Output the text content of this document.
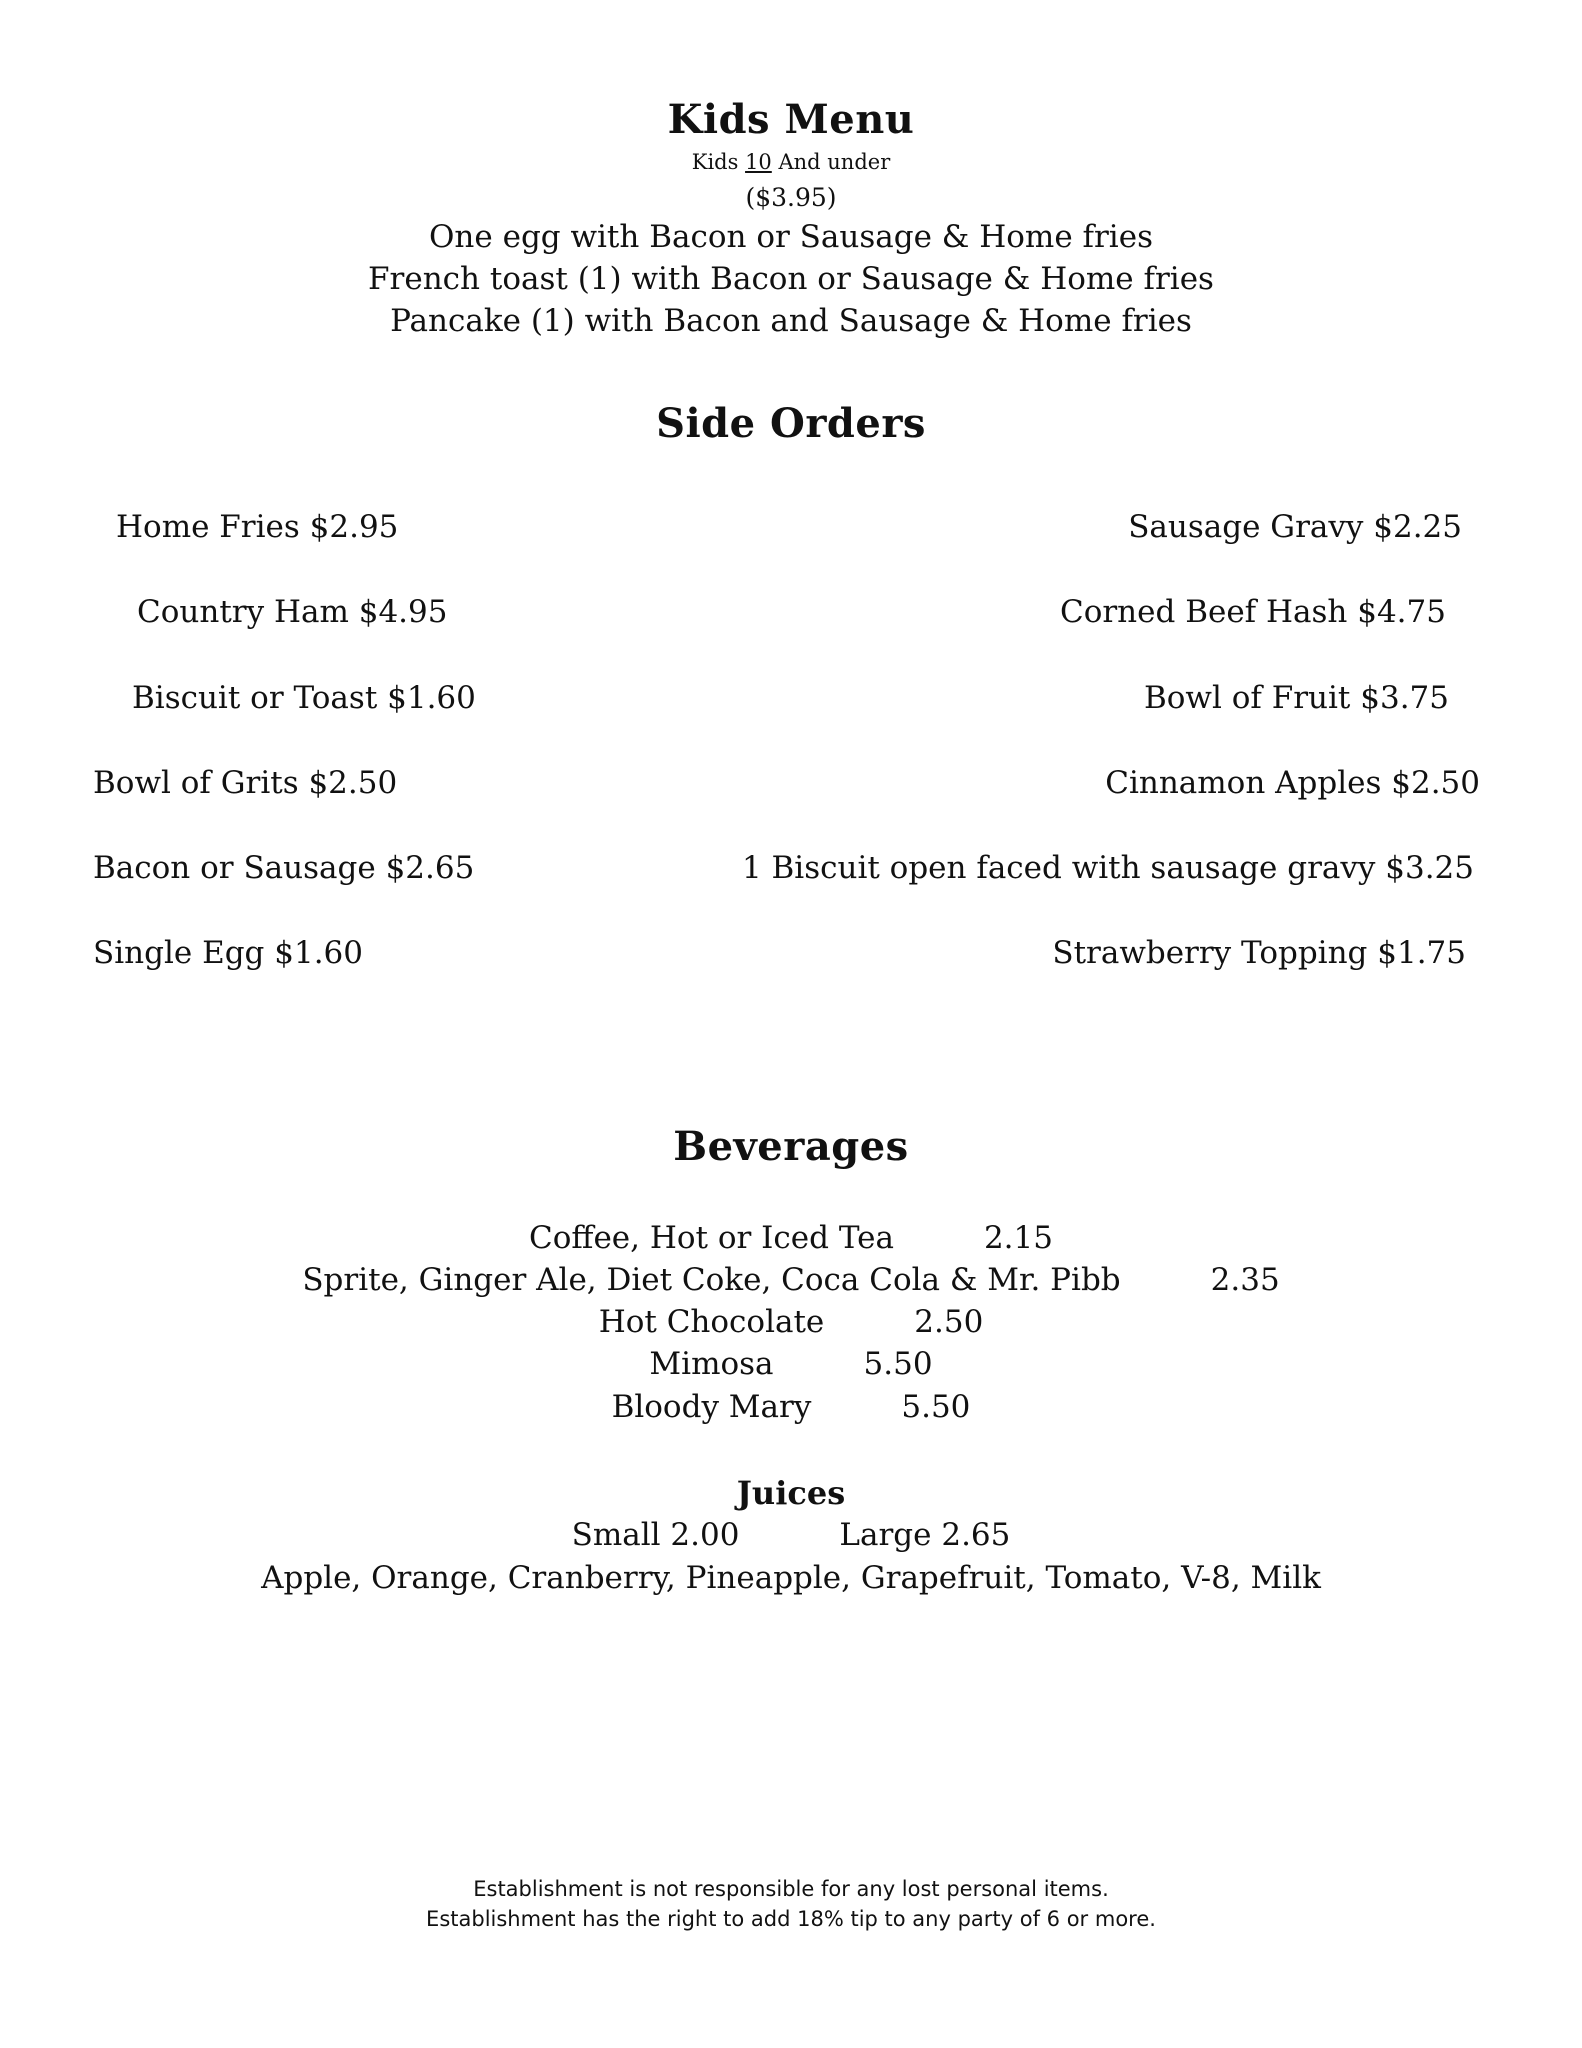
Kids Menu
Kids 10 And under
($3.95)
One egg with Bacon or Sausage & Home fries
French toast (1) with Bacon or Sausage & Home fries
Pancake (1) with Bacon and Sausage & Home fries
Side Orders
Home Fries $2.95
Country Ham $4.95
Biscuit or Toast $1.60
Bowl of Grits $2.50
Bacon or Sausage $2.65
Single Egg $1.60
Sausage Gravy $2.25
Corned Beef Hash $4.75
Bowl of Fruit $3.75
Cinnamon Apples $2.50
1 Biscuit open faced with sausage gravy $3.25
Strawberry Topping $1.75
Beverages
Coffee, Hot or Iced Tea	2.15
Sprite, Ginger Ale, Diet Coke, Coca Cola & Mr. Pibb	2.35
Hot Chocolate	2.50
Mimosa	5.50
Bloody Mary	5.50
Juices
Small 2.00	Large 2.65
Apple, Orange, Cranberry, Pineapple, Grapefruit, Tomato, V-8, Milk
Establishment is not responsible for any lost personal items.
Establishment has the right to add 18% tip to any party of 6 or more.
